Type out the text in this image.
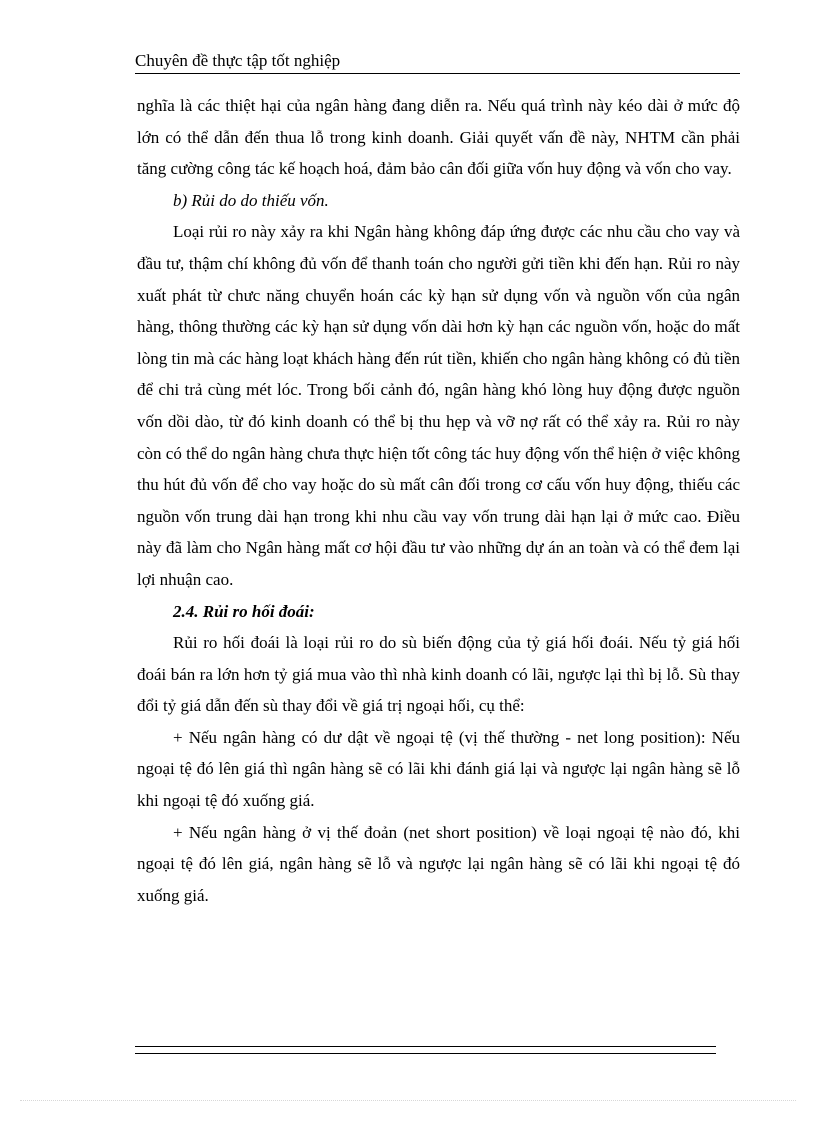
Chuyên đề thực tập tốt nghiệp

nghĩa là các thiệt hại của ngân hàng đang diễn ra. Nếu quá trình này kéo dài ở mức độ lớn có thể dẫn đến thua lỗ trong kinh doanh. Giải quyết vấn đề này, NHTM cần phải tăng cường công tác kế hoạch hoá, đảm bảo cân đối giữa vốn huy động và vốn cho vay.

b) Rủi do do thiếu vốn.

Loại rủi ro này xảy ra khi Ngân hàng không đáp ứng được các nhu cầu cho vay và đầu tư, thậm chí không đủ vốn để thanh toán cho người gửi tiền khi đến hạn. Rủi ro này xuất phát từ chưc năng chuyển hoán các kỳ hạn sử dụng vốn và nguồn vốn của ngân hàng, thông thường các kỳ hạn sử dụng vốn dài hơn kỳ hạn các nguồn vốn, hoặc do mất lòng tin mà các hàng loạt khách hàng đến rút tiền, khiến cho ngân hàng không có đủ tiền để chi trả cùng mét lóc. Trong bối cảnh đó, ngân hàng khó lòng huy động được nguồn vốn dồi dào, từ đó kinh doanh có thể bị thu hẹp và vỡ nợ rất có thể xảy ra. Rủi ro này còn có thể do ngân hàng chưa thực hiện tốt công tác huy động vốn thể hiện ở việc không thu hút đủ vốn để cho vay hoặc do sù mất cân đối trong cơ cấu vốn huy động, thiếu các nguồn vốn trung dài hạn trong khi nhu cầu vay vốn trung dài hạn lại ở mức cao. Điều này đã làm cho Ngân hàng mất cơ hội đầu tư vào những dự án an toàn và có thể đem lại lợi nhuận cao.

2.4. Rủi ro hối đoái:

Rủi ro hối đoái là loại rủi ro do sù biến động của tỷ giá hối đoái. Nếu tỷ giá hối đoái bán ra lớn hơn tỷ giá mua vào thì nhà kinh doanh có lãi, ngược lại thì bị lỗ. Sù thay đổi tỷ giá dẫn đến sù thay đổi về giá trị ngoại hối, cụ thể:

+ Nếu ngân hàng có dư dật về ngoại tệ (vị thế thường - net long position): Nếu ngoại tệ đó lên giá thì ngân hàng sẽ có lãi khi đánh giá lại và ngược lại ngân hàng sẽ lỗ khi ngoại tệ đó xuống giá.

+ Nếu ngân hàng ở vị thế đoản (net short position) về loại ngoại tệ nào đó, khi ngoại tệ đó lên giá, ngân hàng sẽ lỗ và ngược lại ngân hàng sẽ có lãi khi ngoại tệ đó xuống giá.
